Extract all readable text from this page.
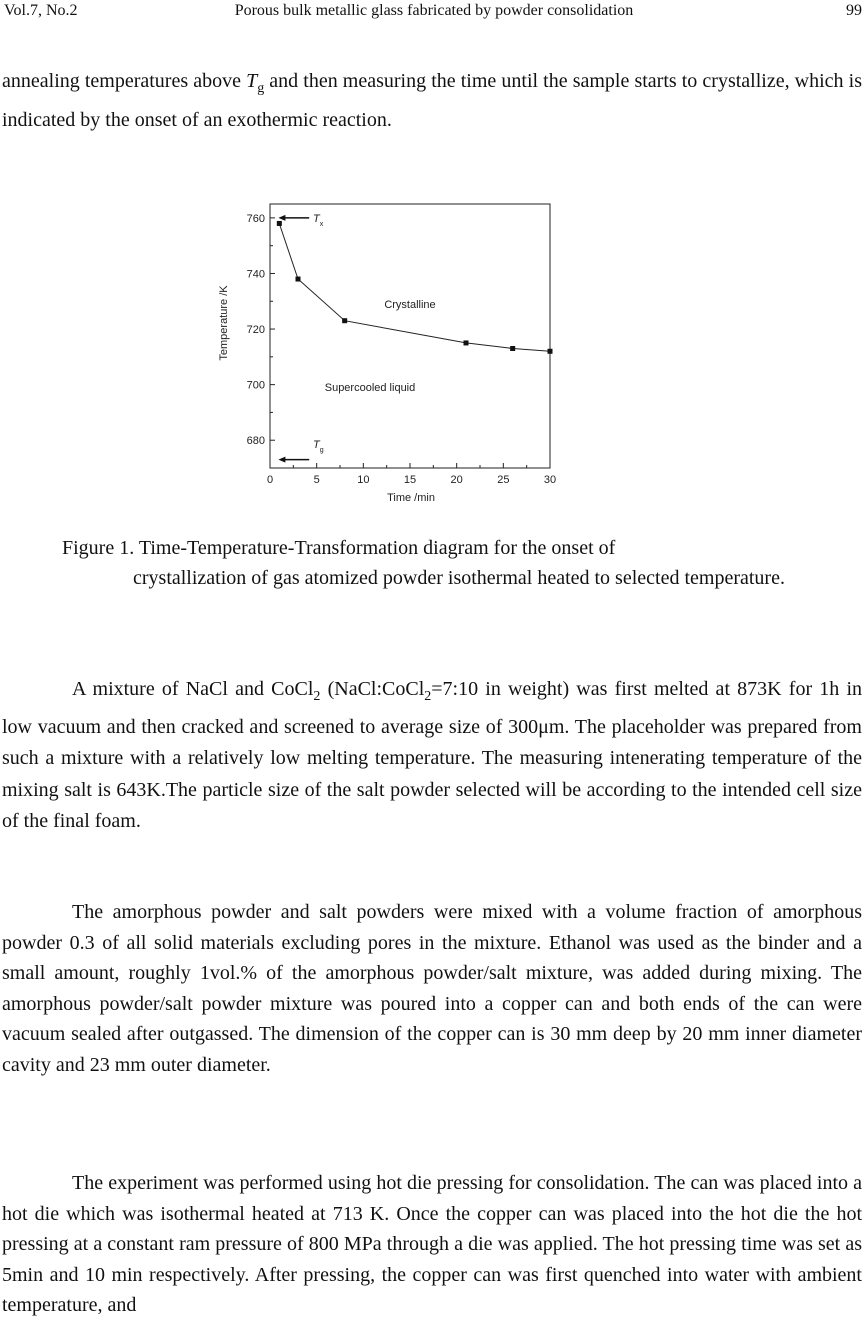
Vol.7, No.2	Porous bulk metallic glass fabricated by powder consolidation	99

annealing temperatures above $T_g$ and then measuring the time until the sample starts to crystallize, which is indicated by the onset of an exothermic reaction.

0	5	10	15	20	25	30
680
700
720
740
760
Time /min
Temperature /K
$T_x$
$T_g$
Crystalline
Supercooled liquid

Figure 1. Time-Temperature-Transformation diagram for the onset of
crystallization of gas atomized powder isothermal heated to selected temperature.

A mixture of NaCl and CoCl$_2$ (NaCl:CoCl$_2$=7:10 in weight) was first melted at 873K for 1h in low vacuum and then cracked and screened to average size of 300μm. The placeholder was prepared from such a mixture with a relatively low melting temperature. The measuring intenerating temperature of the mixing salt is 643K.The particle size of the salt powder selected will be according to the intended cell size of the final foam.

The amorphous powder and salt powders were mixed with a volume fraction of amorphous powder 0.3 of all solid materials excluding pores in the mixture. Ethanol was used as the binder and a small amount, roughly 1vol.% of the amorphous powder/salt mixture, was added during mixing. The amorphous powder/salt powder mixture was poured into a copper can and both ends of the can were vacuum sealed after outgassed. The dimension of the copper can is 30 mm deep by 20 mm inner diameter cavity and 23 mm outer diameter.

The experiment was performed using hot die pressing for consolidation. The can was placed into a hot die which was isothermal heated at 713 K. Once the copper can was placed into the hot die the hot pressing at a constant ram pressure of 800 MPa through a die was applied. The hot pressing time was set as 5min and 10 min respectively. After pressing, the copper can was first quenched into water with ambient temperature, and
